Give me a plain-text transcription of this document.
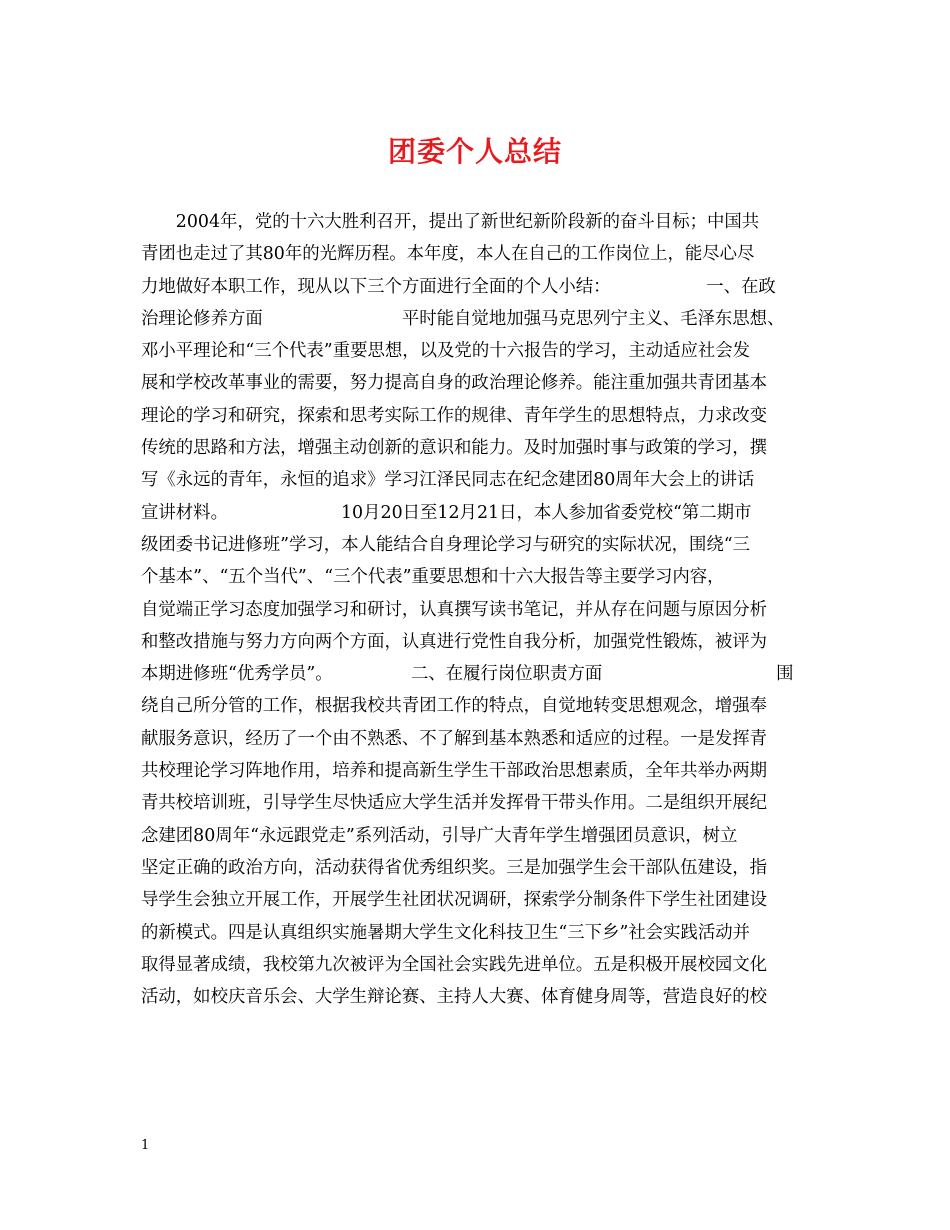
团委个人总结
　　2004年，党的十六大胜利召开，提出了新世纪新阶段新的奋斗目标；中国共
青团也走过了其80年的光辉历程。本年度，本人在自己的工作岗位上，能尽心尽
力地做好本职工作，现从以下三个方面进行全面的个人小结：　　　　　　一、在政
治理论修养方面　　　　　　　　平时能自觉地加强马克思列宁主义、毛泽东思想、
邓小平理论和“三个代表”重要思想，以及党的十六报告的学习，主动适应社会发
展和学校改革事业的需要，努力提高自身的政治理论修养。能注重加强共青团基本
理论的学习和研究，探索和思考实际工作的规律、青年学生的思想特点，力求改变
传统的思路和方法，增强主动创新的意识和能力。及时加强时事与政策的学习，撰
写《永远的青年，永恒的追求》学习江泽民同志在纪念建团80周年大会上的讲话
宣讲材料。　　　　　　　10月20日至12月21日，本人参加省委党校“第二期市
级团委书记进修班”学习，本人能结合自身理论学习与研究的实际状况，围绕“三
个基本”、“五个当代”、“三个代表”重要思想和十六大报告等主要学习内容，
自觉端正学习态度加强学习和研讨，认真撰写读书笔记，并从存在问题与原因分析
和整改措施与努力方向两个方面，认真进行党性自我分析，加强党性锻炼，被评为
本期进修班“优秀学员”。　　　　　二、在履行岗位职责方面　　　　　　　　　　围
绕自己所分管的工作，根据我校共青团工作的特点，自觉地转变思想观念，增强奉
献服务意识，经历了一个由不熟悉、不了解到基本熟悉和适应的过程。一是发挥青
共校理论学习阵地作用，培养和提高新生学生干部政治思想素质，全年共举办两期
青共校培训班，引导学生尽快适应大学生活并发挥骨干带头作用。二是组织开展纪
念建团80周年“永远跟党走”系列活动，引导广大青年学生增强团员意识，树立
坚定正确的政治方向，活动获得省优秀组织奖。三是加强学生会干部队伍建设，指
导学生会独立开展工作，开展学生社团状况调研，探索学分制条件下学生社团建设
的新模式。四是认真组织实施暑期大学生文化科技卫生“三下乡”社会实践活动并
取得显著成绩，我校第九次被评为全国社会实践先进单位。五是积极开展校园文化
活动，如校庆音乐会、大学生辩论赛、主持人大赛、体育健身周等，营造良好的校
1
